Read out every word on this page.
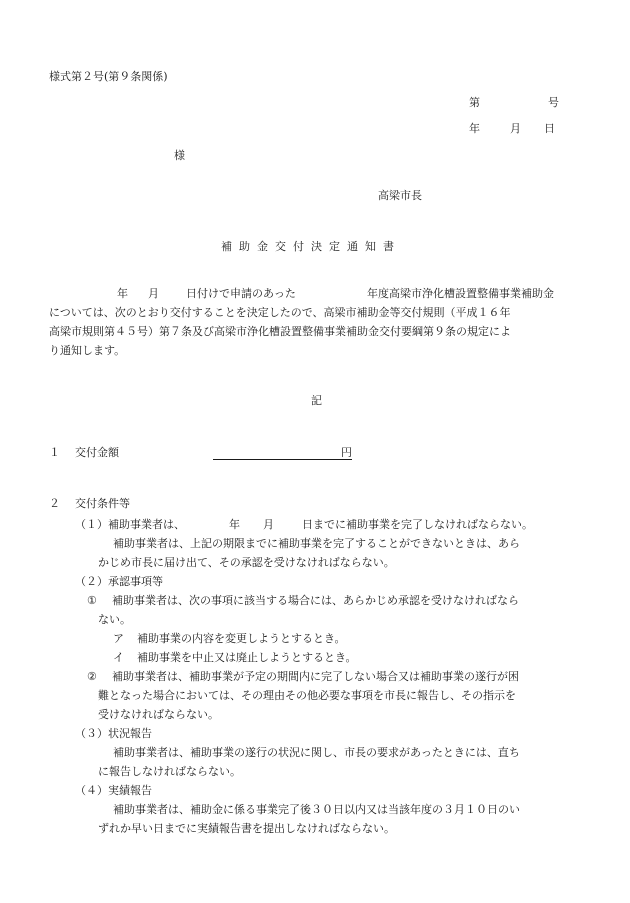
様式第２号(第９条関係)
第	号
年	月 日
様
高梁市長
補助金交付決定通知書
年 月 日付けで申請のあった	年度高梁市浄化槽設置整備事業補助金
については、次のとおり交付することを決定したので、高梁市補助金等交付規則（平成１６年
高梁市規則第４５号）第７条及び高梁市浄化槽設置整備事業補助金交付要綱第９条の規定によ
り通知します。
記
１ 交付金額	円
２ 交付条件等
（１）補助事業者は、	年 月	日までに補助事業を完了しなければならない。
補助事業者は、上記の期限までに補助事業を完了することができないときは、あら
かじめ市長に届け出て、その承認を受けなければならない。
（２）承認事項等
① 補助事業者は、次の事項に該当する場合には、あらかじめ承認を受けなければなら
ない。
ア 補助事業の内容を変更しようとするとき。
イ 補助事業を中止又は廃止しようとするとき。
② 補助事業者は、補助事業が予定の期間内に完了しない場合又は補助事業の遂行が困
難となった場合においては、その理由その他必要な事項を市長に報告し、その指示を
受けなければならない。
（３）状況報告
補助事業者は、補助事業の遂行の状況に関し、市長の要求があったときには、直ち
に報告しなければならない。
（４）実績報告
補助事業者は、補助金に係る事業完了後３０日以内又は当該年度の３月１０日のい
ずれか早い日までに実績報告書を提出しなければならない。
